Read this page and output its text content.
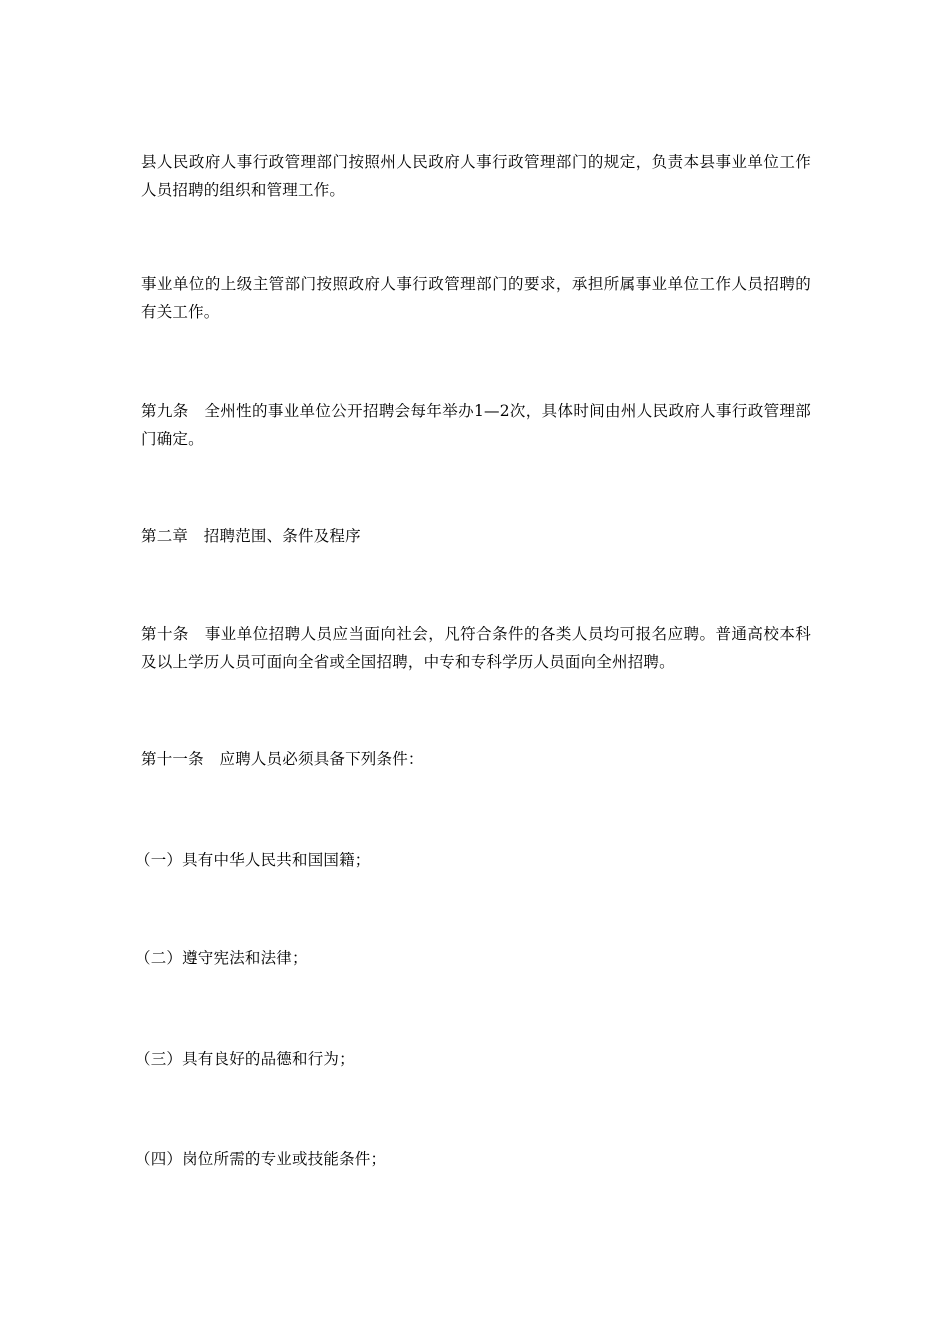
县人民政府人事行政管理部门按照州人民政府人事行政管理部门的规定，负责本县事业单位工作人员招聘的组织和管理工作。

事业单位的上级主管部门按照政府人事行政管理部门的要求，承担所属事业单位工作人员招聘的有关工作。

第九条　全州性的事业单位公开招聘会每年举办1—2次，具体时间由州人民政府人事行政管理部门确定。

第二章　招聘范围、条件及程序

第十条　事业单位招聘人员应当面向社会，凡符合条件的各类人员均可报名应聘。普通高校本科及以上学历人员可面向全省或全国招聘，中专和专科学历人员面向全州招聘。

第十一条　应聘人员必须具备下列条件：

（一）具有中华人民共和国国籍；

（二）遵守宪法和法律；

（三）具有良好的品德和行为；

（四）岗位所需的专业或技能条件；
